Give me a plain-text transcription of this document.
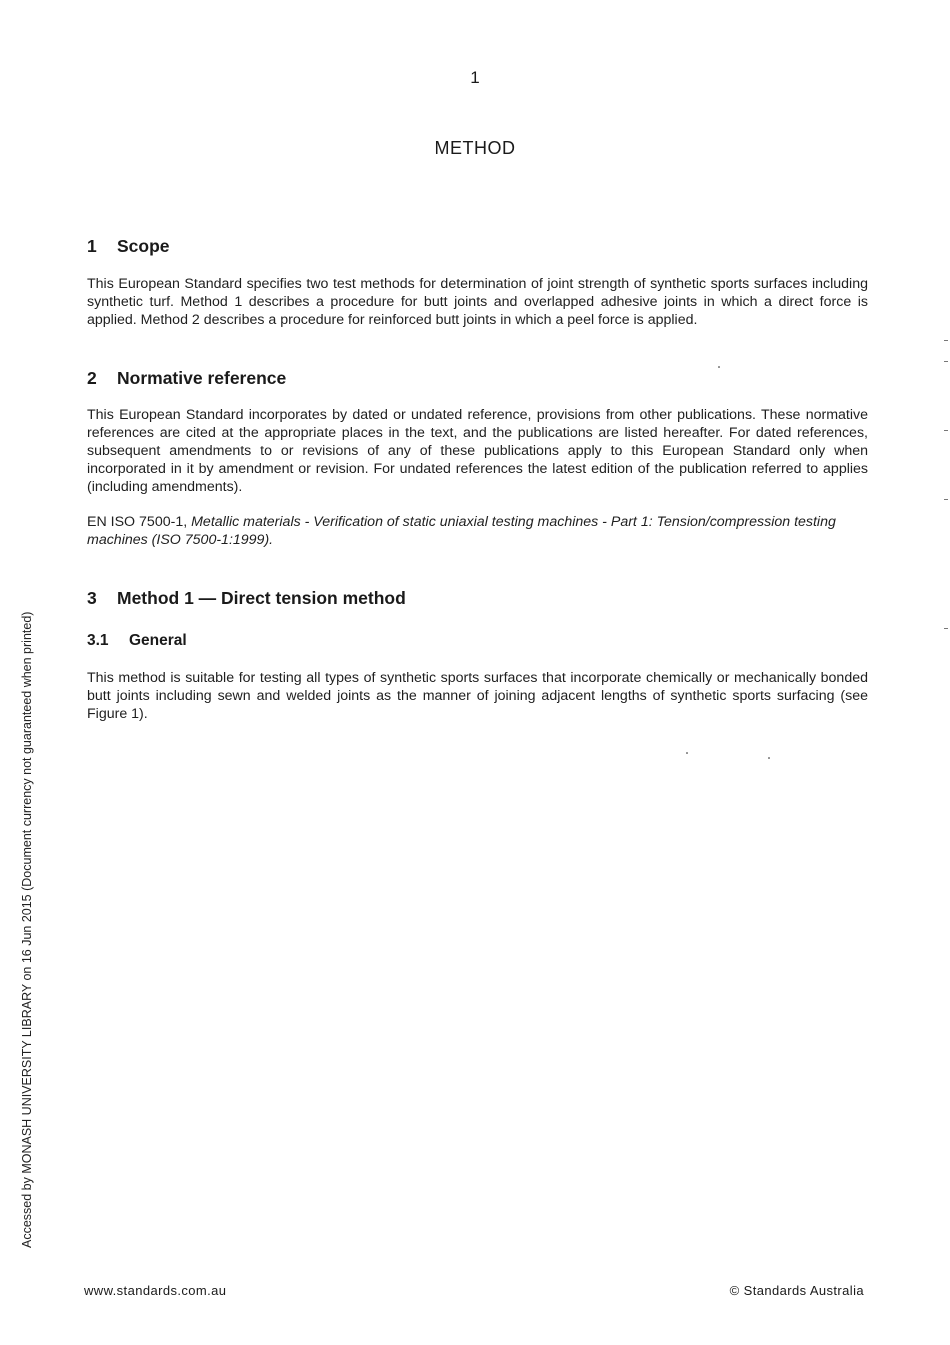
1
METHOD
1 Scope
This European Standard specifies two test methods for determination of joint strength of synthetic sports surfaces including synthetic turf. Method 1 describes a procedure for butt joints and overlapped adhesive joints in which a direct force is applied. Method 2 describes a procedure for reinforced butt joints in which a peel force is applied.
2 Normative reference
This European Standard incorporates by dated or undated reference, provisions from other publications. These normative references are cited at the appropriate places in the text, and the publications are listed hereafter. For dated references, subsequent amendments to or revisions of any of these publications apply to this European Standard only when incorporated in it by amendment or revision. For undated references the latest edition of the publication referred to applies (including amendments).
EN ISO 7500-1, Metallic materials - Verification of static uniaxial testing machines - Part 1: Tension/compression testing machines (ISO 7500-1:1999).
3 Method 1 — Direct tension method
3.1 General
This method is suitable for testing all types of synthetic sports surfaces that incorporate chemically or mechanically bonded butt joints including sewn and welded joints as the manner of joining adjacent lengths of synthetic sports surfacing (see Figure 1).
Accessed by MONASH UNIVERSITY LIBRARY on 16 Jun 2015 (Document currency not guaranteed when printed)
www.standards.com.au	© Standards Australia
